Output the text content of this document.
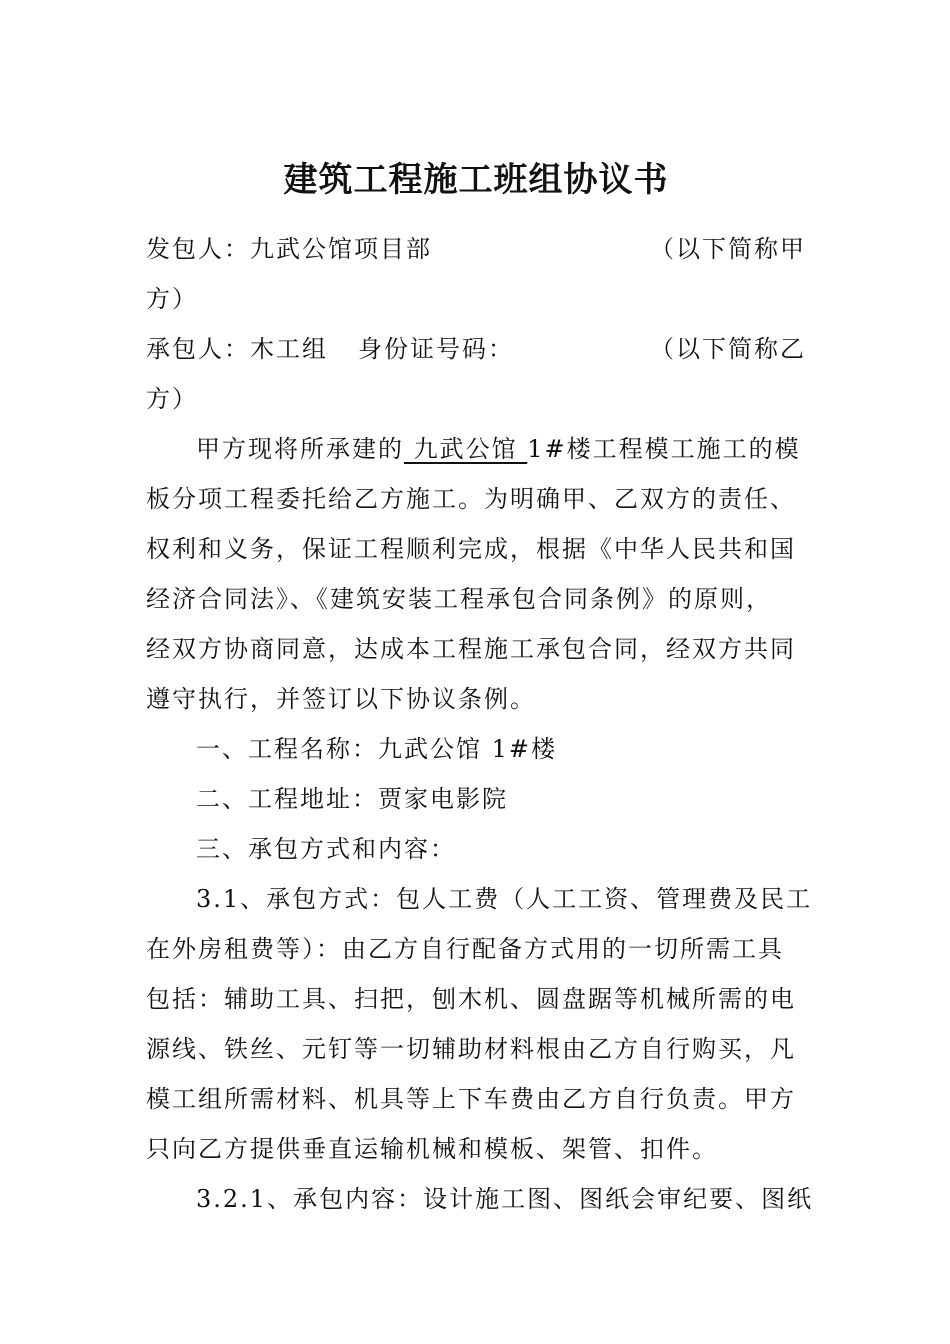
建筑工程施工班组协议书
发包人：九武公馆项目部	（以下简称甲
方）
承包人：木工组 身份证号码：	（以下简称乙
方）
甲方现将所承建的 九武公馆 1#楼工程模工施工的模
板分项工程委托给乙方施工。为明确甲、乙双方的责任、
权利和义务，保证工程顺利完成，根据《中华人民共和国
经济合同法》、《建筑安装工程承包合同条例》的原则，
经双方协商同意，达成本工程施工承包合同，经双方共同
遵守执行，并签订以下协议条例。
一、工程名称：九武公馆 1#楼
二、工程地址：贾家电影院
三、承包方式和内容：
3.1、承包方式：包人工费（人工工资、管理费及民工
在外房租费等）：由乙方自行配备方式用的一切所需工具
包括：辅助工具、扫把，刨木机、圆盘踞等机械所需的电
源线、铁丝、元钉等一切辅助材料根由乙方自行购买，凡
模工组所需材料、机具等上下车费由乙方自行负责。甲方
只向乙方提供垂直运输机械和模板、架管、扣件。
3.2.1、承包内容：设计施工图、图纸会审纪要、图纸
